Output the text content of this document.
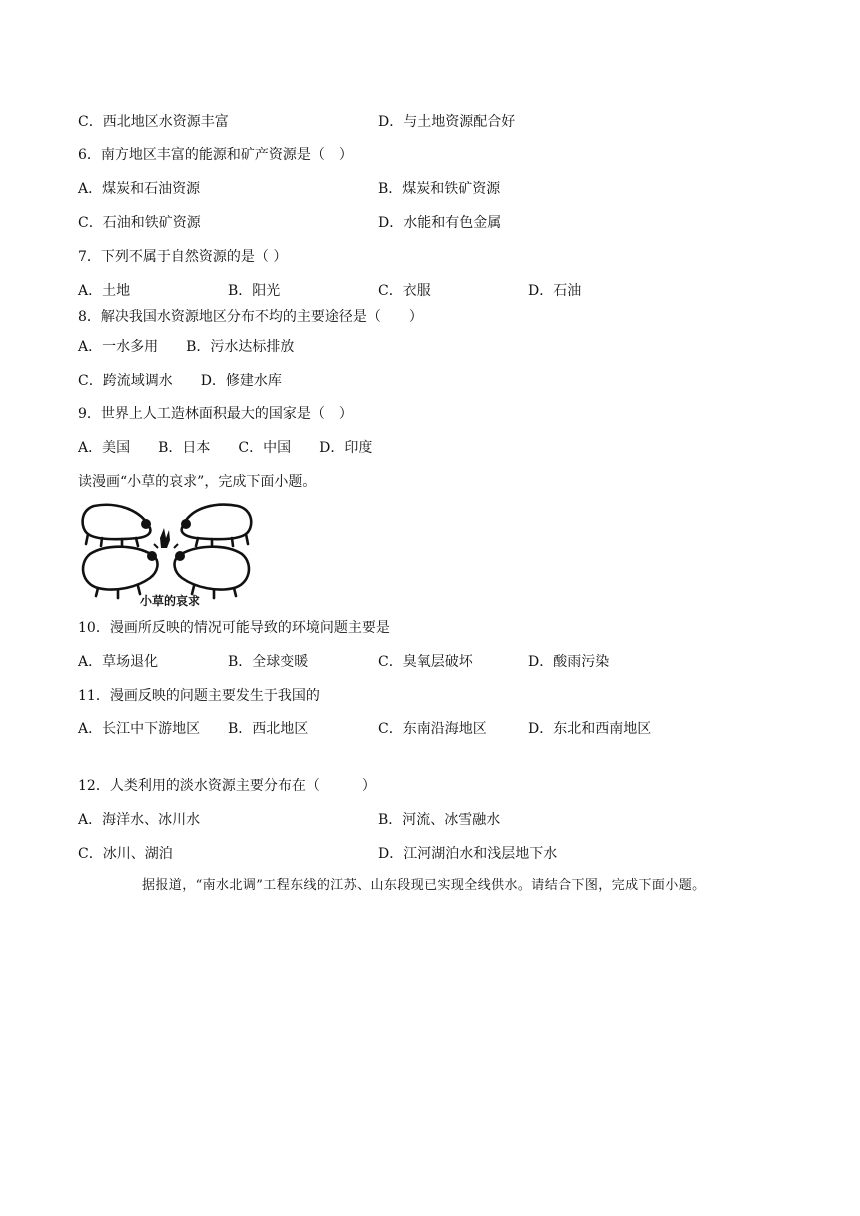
C．西北地区水资源丰富	D．与土地资源配合好
6．南方地区丰富的能源和矿产资源是（　）
A．煤炭和石油资源	B．煤炭和铁矿资源
C．石油和铁矿资源	D．水能和有色金属
7．下列不属于自然资源的是（ ）
A．土地	B．阳光	C．衣服	D．石油
8．解决我国水资源地区分布不均的主要途径是（　　）
A．一水多用　　B．污水达标排放
C．跨流域调水　　D．修建水库
9．世界上人工造林面积最大的国家是（　）
A．美国　　B．日本　　C．中国　　D．印度
读漫画“小草的哀求”，完成下面小题。
小草的哀求
10．漫画所反映的情况可能导致的环境问题主要是
A．草场退化	B．全球变暖	C．臭氧层破坏	D．酸雨污染
11．漫画反映的问题主要发生于我国的
A．长江中下游地区 B．西北地区	C．东南沿海地区	D．东北和西南地区
12．人类利用的淡水资源主要分布在（　　　）
A．海洋水、冰川水	B．河流、冰雪融水
C．冰川、湖泊	D．江河湖泊水和浅层地下水
据报道，“南水北调”工程东线的江苏、山东段现已实现全线供水。请结合下图，完成下面小题。
